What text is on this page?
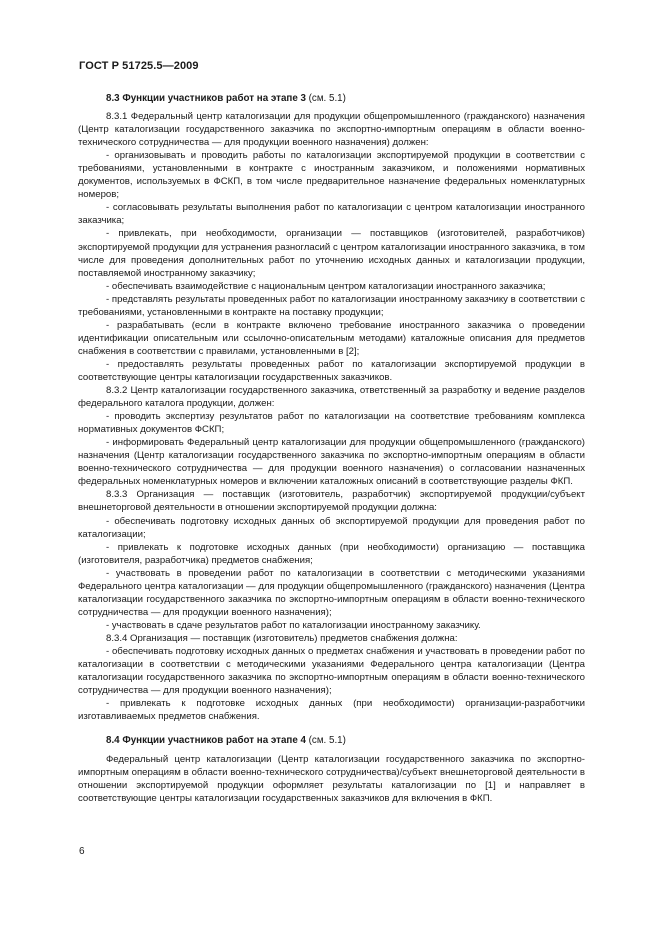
ГОСТ Р 51725.5—2009

8.3 Функции участников работ на этапе 3 (см. 5.1)

8.3.1 Федеральный центр каталогизации для продукции общепромышленного (гражданского) назначения (Центр каталогизации государственного заказчика по экспортно-импортным операциям в области военно-технического сотрудничества — для продукции военного назначения) должен:

- организовывать и проводить работы по каталогизации экспортируемой продукции в соответствии с требованиями, установленными в контракте с иностранным заказчиком, и положениями нормативных документов, используемых в ФСКП, в том числе предварительное назначение федеральных номенклатурных номеров;

- согласовывать результаты выполнения работ по каталогизации с центром каталогизации иностранного заказчика;

- привлекать, при необходимости, организации — поставщиков (изготовителей, разработчиков) экспортируемой продукции для устранения разногласий с центром каталогизации иностранного заказчика, в том числе для проведения дополнительных работ по уточнению исходных данных и каталогизации продукции, поставляемой иностранному заказчику;

- обеспечивать взаимодействие с национальным центром каталогизации иностранного заказчика;

- представлять результаты проведенных работ по каталогизации иностранному заказчику в соответствии с требованиями, установленными в контракте на поставку продукции;

- разрабатывать (если в контракте включено требование иностранного заказчика о проведении идентификации описательным или ссылочно-описательным методами) каталожные описания для предметов снабжения в соответствии с правилами, установленными в [2];

- предоставлять результаты проведенных работ по каталогизации экспортируемой продукции в соответствующие центры каталогизации государственных заказчиков.

8.3.2 Центр каталогизации государственного заказчика, ответственный за разработку и ведение разделов федерального каталога продукции, должен:

- проводить экспертизу результатов работ по каталогизации на соответствие требованиям комплекса нормативных документов ФСКП;

- информировать Федеральный центр каталогизации для продукции общепромышленного (гражданского) назначения (Центр каталогизации государственного заказчика по экспортно-импортным операциям в области военно-технического сотрудничества — для продукции военного назначения) о согласовании назначенных федеральных номенклатурных номеров и включении каталожных описаний в соответствующие разделы ФКП.

8.3.3 Организация — поставщик (изготовитель, разработчик) экспортируемой продукции/субъект внешнеторговой деятельности в отношении экспортируемой продукции должна:

- обеспечивать подготовку исходных данных об экспортируемой продукции для проведения работ по каталогизации;

- привлекать к подготовке исходных данных (при необходимости) организацию — поставщика (изготовителя, разработчика) предметов снабжения;

- участвовать в проведении работ по каталогизации в соответствии с методическими указаниями Федерального центра каталогизации — для продукции общепромышленного (гражданского) назначения (Центра каталогизации государственного заказчика по экспортно-импортным операциям в области военно-технического сотрудничества — для продукции военного назначения);

- участвовать в сдаче результатов работ по каталогизации иностранному заказчику.

8.3.4 Организация — поставщик (изготовитель) предметов снабжения должна:

- обеспечивать подготовку исходных данных о предметах снабжения и участвовать в проведении работ по каталогизации в соответствии с методическими указаниями Федерального центра каталогизации (Центра каталогизации государственного заказчика по экспортно-импортным операциям в области военно-технического сотрудничества — для продукции военного назначения);

- привлекать к подготовке исходных данных (при необходимости) организации-разработчики изготавливаемых предметов снабжения.

8.4 Функции участников работ на этапе 4 (см. 5.1)

Федеральный центр каталогизации (Центр каталогизации государственного заказчика по экспортно-импортным операциям в области военно-технического сотрудничества)/субъект внешнеторговой деятельности в отношении экспортируемой продукции оформляет результаты каталогизации по [1] и направляет в соответствующие центры каталогизации государственных заказчиков для включения в ФКП.

6
